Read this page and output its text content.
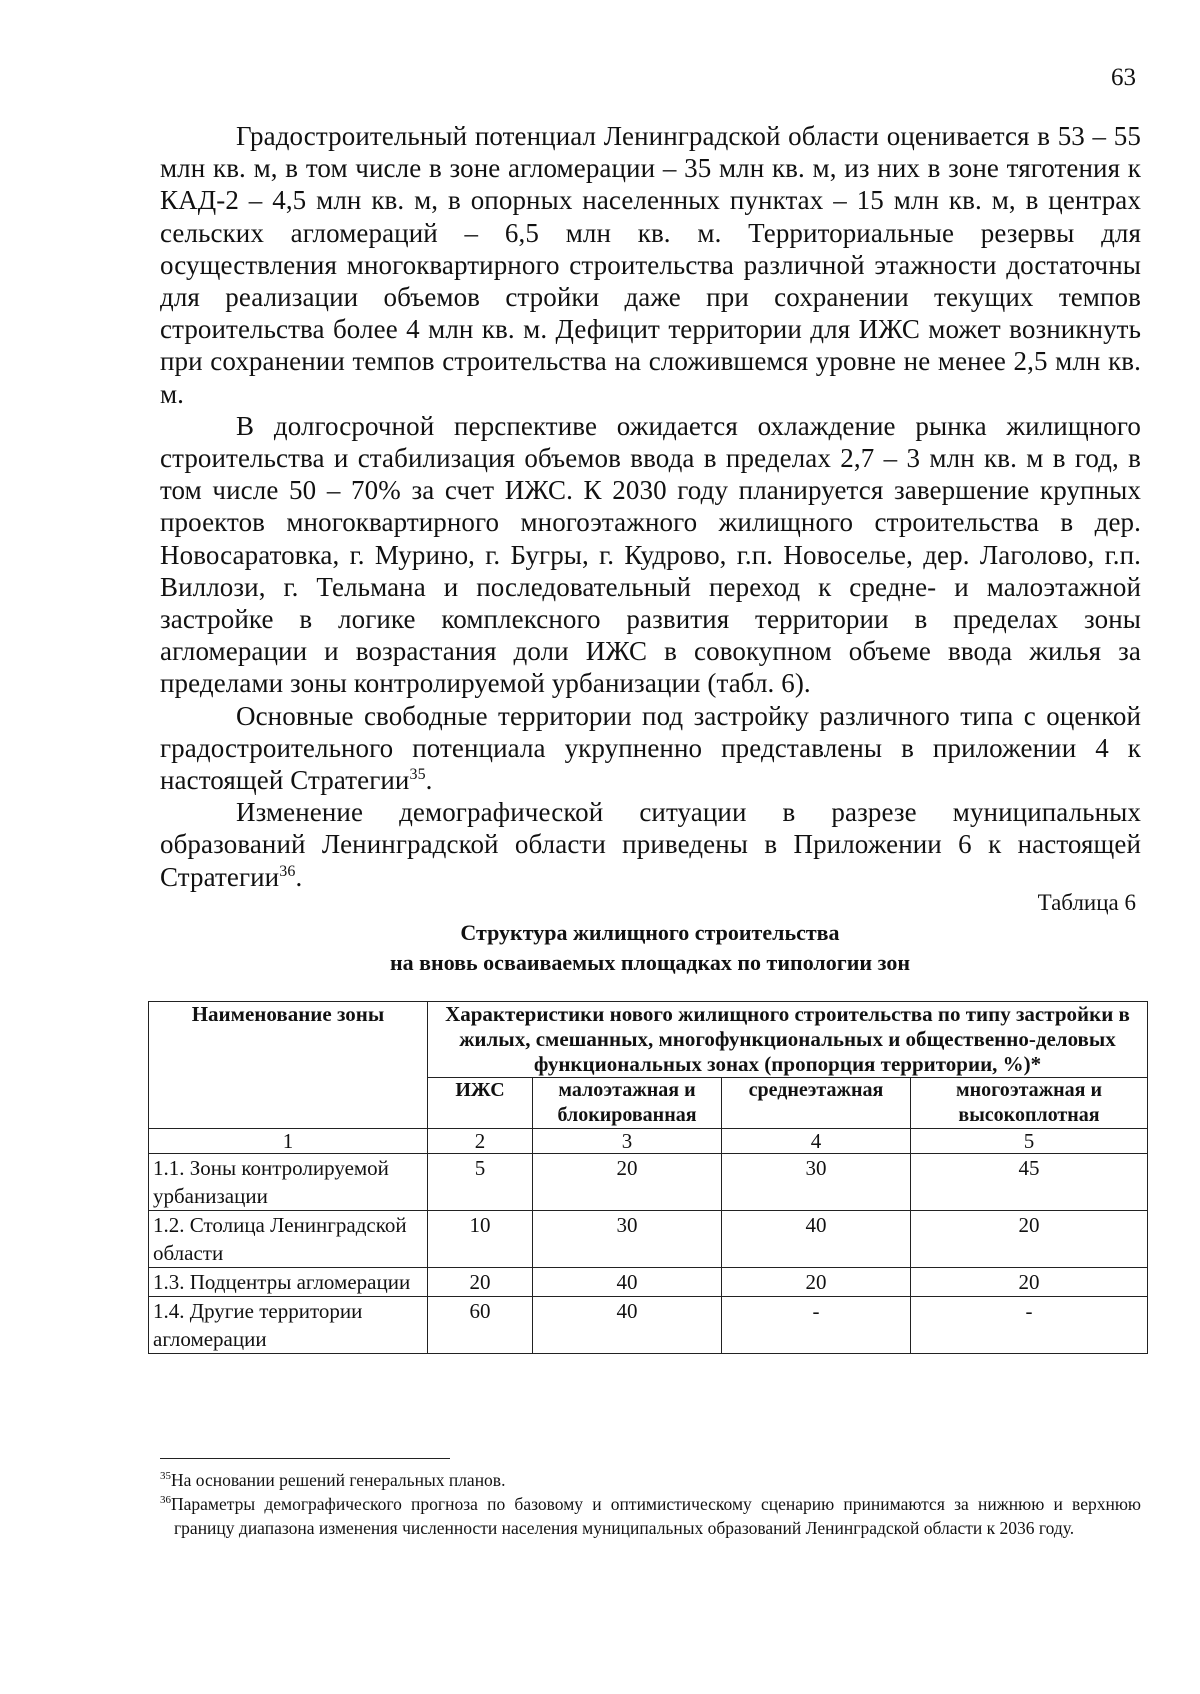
63

Градостроительный потенциал Ленинградской области оценивается в 53 – 55 млн кв. м, в том числе в зоне агломерации – 35 млн кв. м, из них в зоне тяготения к КАД-2 – 4,5 млн кв. м, в опорных населенных пунктах – 15 млн кв. м, в центрах сельских агломераций – 6,5 млн кв. м. Территориальные резервы для осуществления многоквартирного строительства различной этажности достаточны для реализации объемов стройки даже при сохранении текущих темпов строительства более 4 млн кв. м. Дефицит территории для ИЖС может возникнуть при сохранении темпов строительства на сложившемся уровне не менее 2,5 млн кв. м.

В долгосрочной перспективе ожидается охлаждение рынка жилищного строительства и стабилизация объемов ввода в пределах 2,7 – 3 млн кв. м в год, в том числе 50 – 70% за счет ИЖС. К 2030 году планируется завершение крупных проектов многоквартирного многоэтажного жилищного строительства в дер. Новосаратовка, г. Мурино, г. Бугры, г. Кудрово, г.п. Новоселье, дер. Лаголово, г.п. Виллози, г. Тельмана и последовательный переход к средне- и малоэтажной застройке в логике комплексного развития территории в пределах зоны агломерации и возрастания доли ИЖС в совокупном объеме ввода жилья за пределами зоны контролируемой урбанизации (табл. 6).

Основные свободные территории под застройку различного типа с оценкой градостроительного потенциала укрупненно представлены в приложении 4 к настоящей Стратегии$^{35}$.

Изменение демографической ситуации в разрезе муниципальных образований Ленинградской области приведены в Приложении 6 к настоящей Стратегии$^{36}$.

Таблица 6
Структура жилищного строительства
на вновь осваиваемых площадках по типологии зон
Наименование зоны	Характеристики нового жилищного строительства по типу застройки в жилых, смешанных, многофункциональных и общественно-деловых функциональных зонах (пропорция территории, %)*			
	ИЖС	малоэтажная и блокированная	среднеэтажная	многоэтажная и высокоплотная
1	2	3	4	5
1.1. Зоны контролируемой урбанизации	5	20	30	45
1.2. Столица Ленинградской области	10	30	40	20
1.3. Подцентры агломерации	20	40	20	20
1.4. Другие территории агломерации	60	40	-	-

$^{35}$На основании решений генеральных планов.

$^{36}$Параметры демографического прогноза по базовому и оптимистическому сценарию принимаются за нижнюю и верхнюю границу диапазона изменения численности населения муниципальных образований Ленинградской области к 2036 году.
